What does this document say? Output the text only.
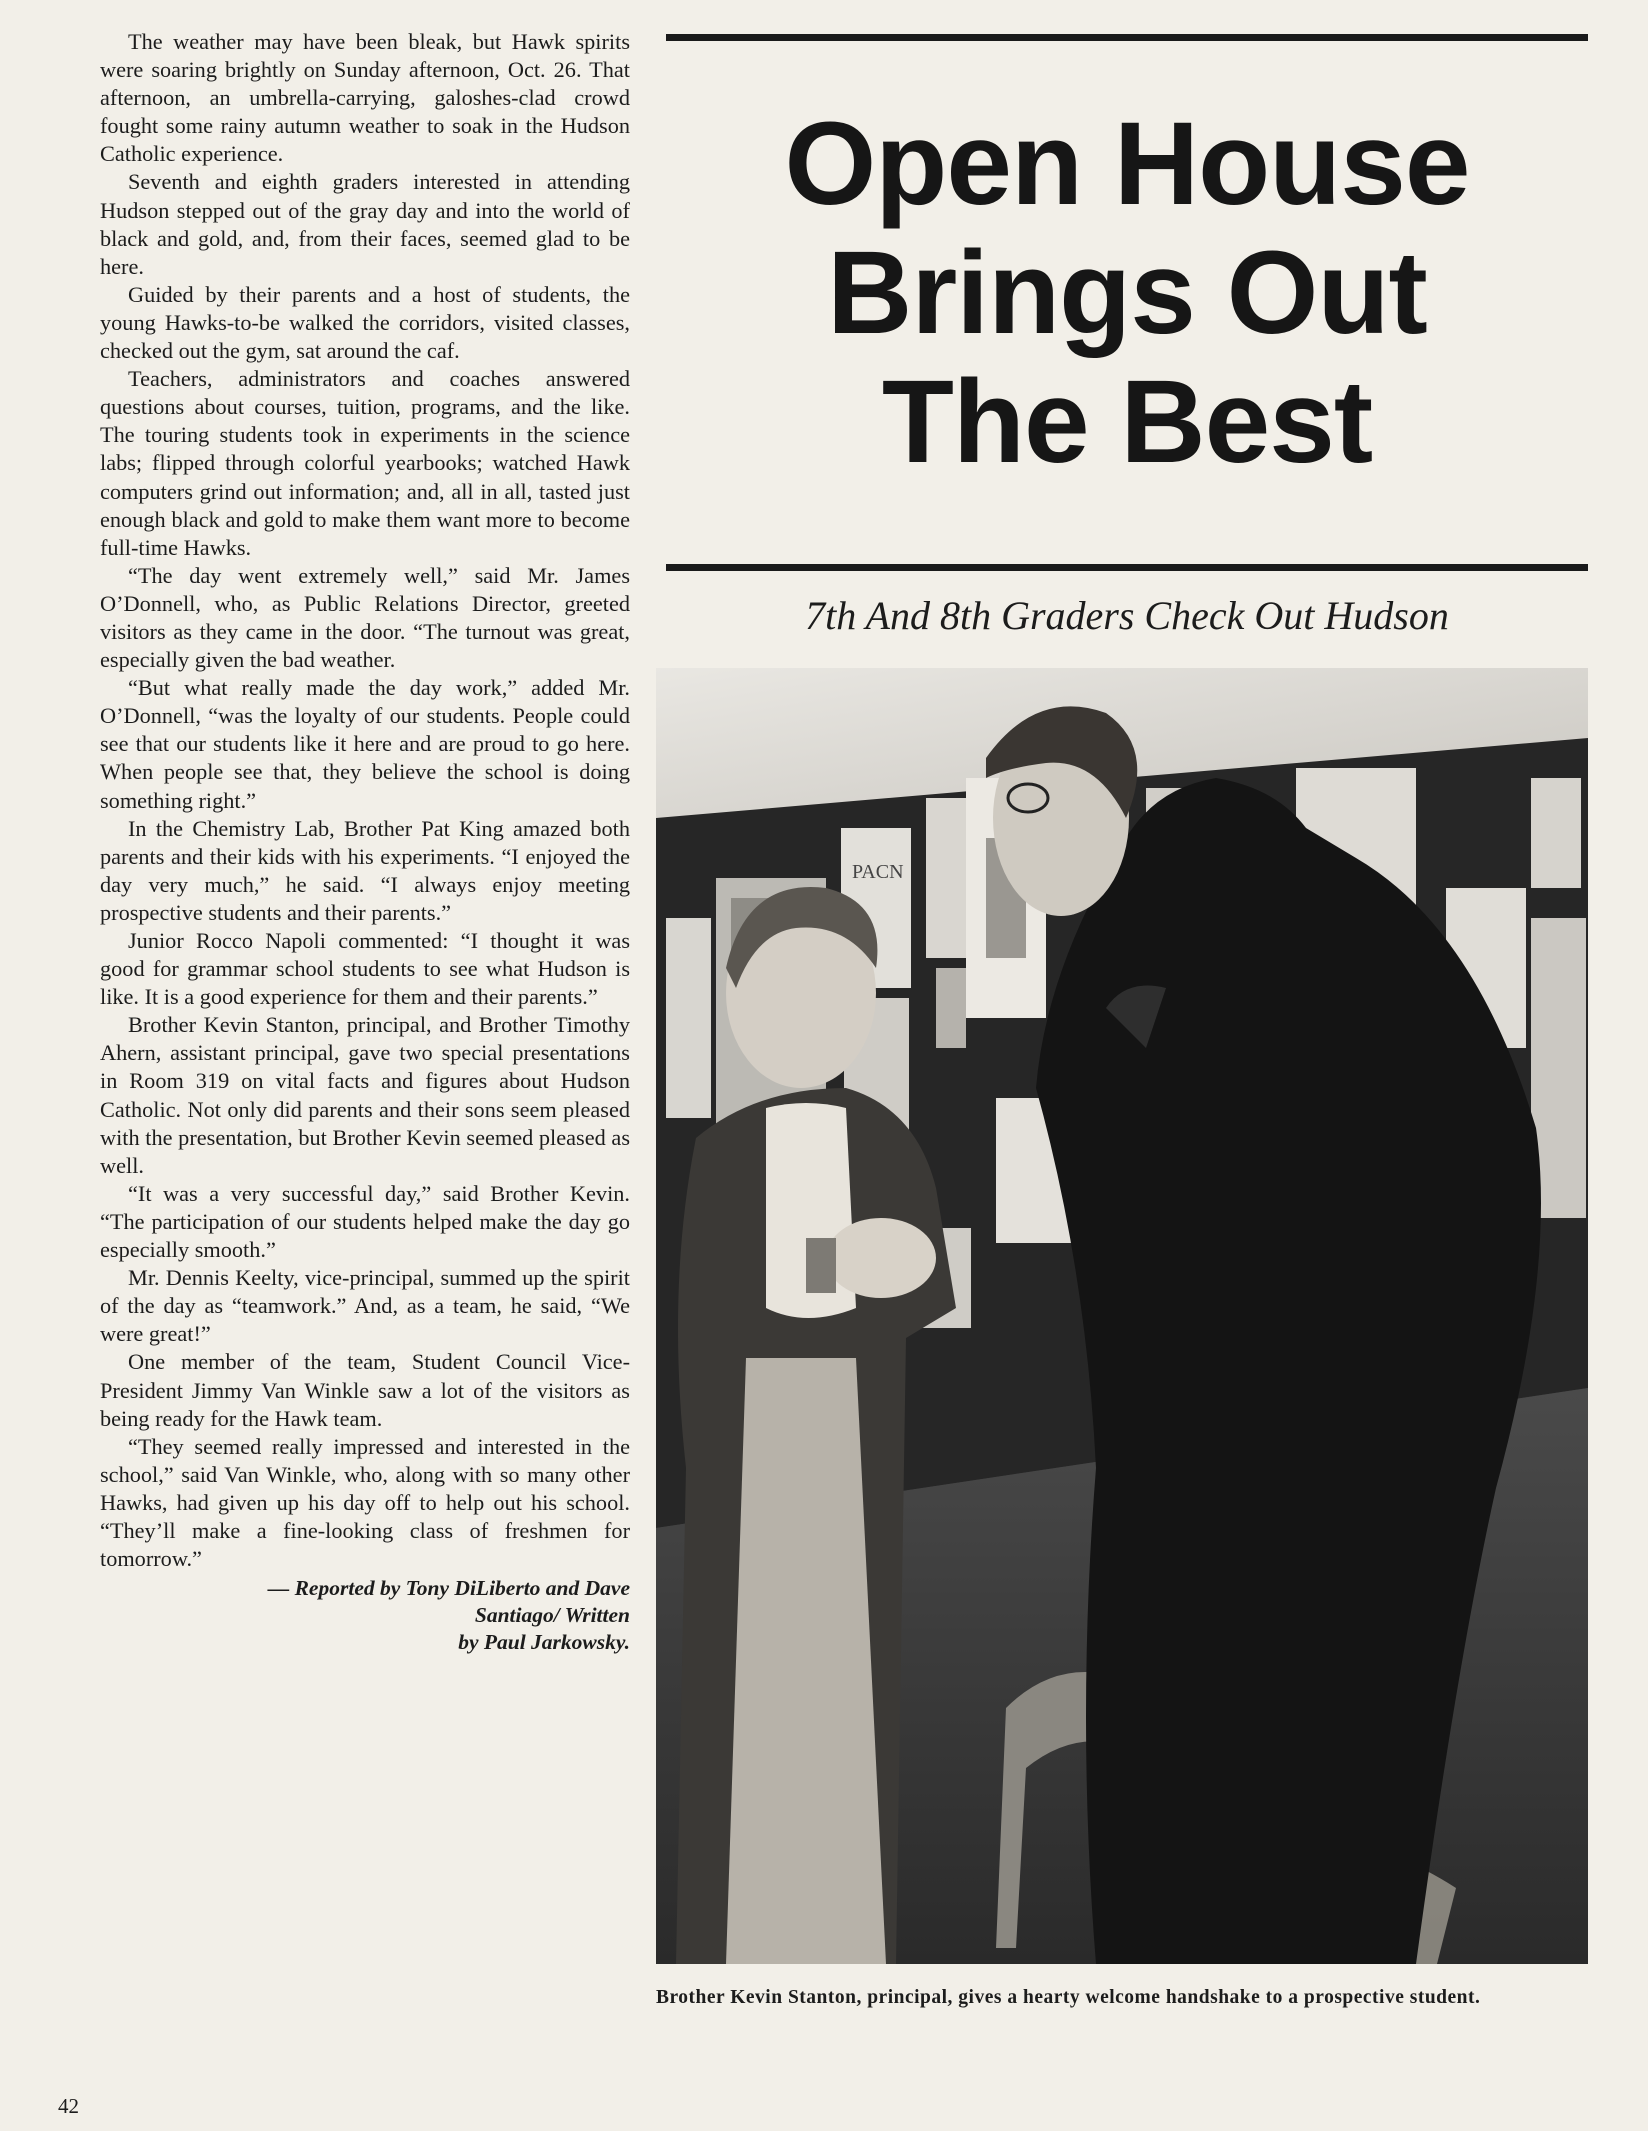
The weather may have been bleak, but Hawk spirits were soaring brightly on Sunday afternoon, Oct. 26. That afternoon, an umbrella-carrying, galoshes-clad crowd fought some rainy autumn weather to soak in the Hudson Catholic experience.

Seventh and eighth graders interested in attending Hudson stepped out of the gray day and into the world of black and gold, and, from their faces, seemed glad to be here.

Guided by their parents and a host of students, the young Hawks-to-be walked the corridors, visited classes, checked out the gym, sat around the caf.

Teachers, administrators and coaches answered questions about courses, tuition, programs, and the like. The touring students took in experiments in the science labs; flipped through colorful yearbooks; watched Hawk computers grind out information; and, all in all, tasted just enough black and gold to make them want more to become full-time Hawks.

“The day went extremely well,” said Mr. James O’Donnell, who, as Public Relations Director, greeted visitors as they came in the door. “The turnout was great, especially given the bad weather.

“But what really made the day work,” added Mr. O’Donnell, “was the loyalty of our students. People could see that our students like it here and are proud to go here. When people see that, they believe the school is doing something right.”

In the Chemistry Lab, Brother Pat King amazed both parents and their kids with his experiments. “I enjoyed the day very much,” he said. “I always enjoy meeting prospective students and their parents.”

Junior Rocco Napoli commented: “I thought it was good for grammar school students to see what Hudson is like. It is a good experience for them and their parents.”

Brother Kevin Stanton, principal, and Brother Timothy Ahern, assistant principal, gave two special presentations in Room 319 on vital facts and figures about Hudson Catholic. Not only did parents and their sons seem pleased with the presentation, but Brother Kevin seemed pleased as well.

“It was a very successful day,” said Brother Kevin. “The participation of our students helped make the day go especially smooth.”

Mr. Dennis Keelty, vice-principal, summed up the spirit of the day as “teamwork.” And, as a team, he said, “We were great!”

One member of the team, Student Council Vice-President Jimmy Van Winkle saw a lot of the visitors as being ready for the Hawk team.

“They seemed really impressed and interested in the school,” said Van Winkle, who, along with so many other Hawks, had given up his day off to help out his school. “They’ll make a fine-looking class of freshmen for tomorrow.”

— Reported by Tony DiLiberto and Dave
Santiago/ Written
by Paul Jarkowsky.
Open House
Brings Out
The Best
7th And 8th Graders Check Out Hudson
PACN

Brother Kevin Stanton, principal, gives a hearty welcome handshake to a prospective student.

42
